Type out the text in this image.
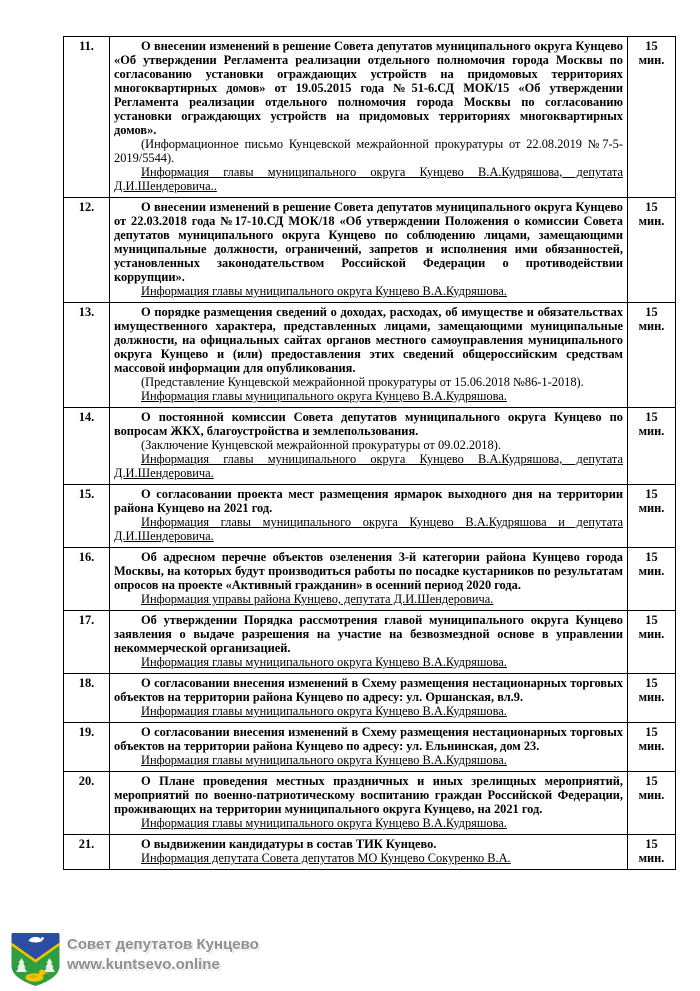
11.	О внесении изменений в решение Совета депутатов муниципального округа Кунцево «Об утверждении Регламента реализации отдельного полномочия города Москвы по согласованию установки ограждающих устройств на придомовых территориях многоквартирных домов» от 19.05.2015 года №51-6.СД МОК/15 «Об утверждении Регламента реализации отдельного полномочия города Москвы по согласованию установки ограждающих устройств на придомовых территориях многоквартирных домов».

(Информационное письмо Кунцевской межрайонной прокуратуры от 22.08.2019 №7-5-2019/5544).

Информация главы муниципального округа Кунцево В.А.Кудряшова, депутата Д.И.Шендеровича..

15
мин.

12.	О внесении изменений в решение Совета депутатов муниципального округа Кунцево от 22.03.2018 года №17-10.СД МОК/18 «Об утверждении Положения о комиссии Совета депутатов муниципального округа Кунцево по соблюдению лицами, замещающими муниципальные должности, ограничений, запретов и исполнения ими обязанностей, установленных законодательством Российской Федерации о противодействии коррупции».

Информация главы муниципального округа Кунцево В.А.Кудряшова.

15
мин.

13.	О порядке размещения сведений о доходах, расходах, об имуществе и обязательствах имущественного характера, представленных лицами, замещающими муниципальные должности, на официальных сайтах органов местного самоуправления муниципального округа Кунцево и (или) предоставления этих сведений общероссийским средствам массовой информации для опубликования.

(Представление Кунцевской межрайонной прокуратуры от 15.06.2018 №86-1-2018).

Информация главы муниципального округа Кунцево В.А.Кудряшова.

15
мин.

14.	О постоянной комиссии Совета депутатов муниципального округа Кунцево по вопросам ЖКХ, благоустройства и землепользования.

(Заключение Кунцевской межрайонной прокуратуры от 09.02.2018).

Информация главы муниципального округа Кунцево В.А.Кудряшова, депутата Д.И.Шендеровича.

15
мин.

15.	О согласовании проекта мест размещения ярмарок выходного дня на территории района Кунцево на 2021 год.

Информация главы муниципального округа Кунцево В.А.Кудряшова и депутата Д.И.Шендеровича.

15
мин.

16.	Об адресном перечне объектов озеленения 3-й категории района Кунцево города Москвы, на которых будут производиться работы по посадке кустарников по результатам опросов на проекте «Активный гражданин» в осенний период 2020 года.

Информация управы района Кунцево, депутата Д.И.Шендеровича.

15
мин.

17.	Об утверждении Порядка рассмотрения главой муниципального округа Кунцево заявления о выдаче разрешения на участие на безвозмездной основе в управлении некоммерческой организацией.

Информация главы муниципального округа Кунцево В.А.Кудряшова.

15
мин.

18.	О согласовании внесения изменений в Схему размещения нестационарных торговых объектов на территории района Кунцево по адресу: ул. Оршанская, вл.9.

Информация главы муниципального округа Кунцево В.А.Кудряшова.

15
мин.

19.	О согласовании внесения изменений в Схему размещения нестационарных торговых объектов на территории района Кунцево по адресу: ул. Ельнинская, дом 23.

Информация главы муниципального округа Кунцево В.А.Кудряшова.

15
мин.

20.	О Плане проведения местных праздничных и иных зрелищных мероприятий, мероприятий по военно-патриотическому воспитанию граждан Российской Федерации, проживающих на территории муниципального округа Кунцево, на 2021 год.

Информация главы муниципального округа Кунцево В.А.Кудряшова.

15
мин.

21.	О выдвижении кандидатуры в состав ТИК Кунцево.

Информация депутата Совета депутатов МО Кунцево Сокуренко В.А.

15
мин.
Совет депутатов Кунцево
www.kuntsevo.online
